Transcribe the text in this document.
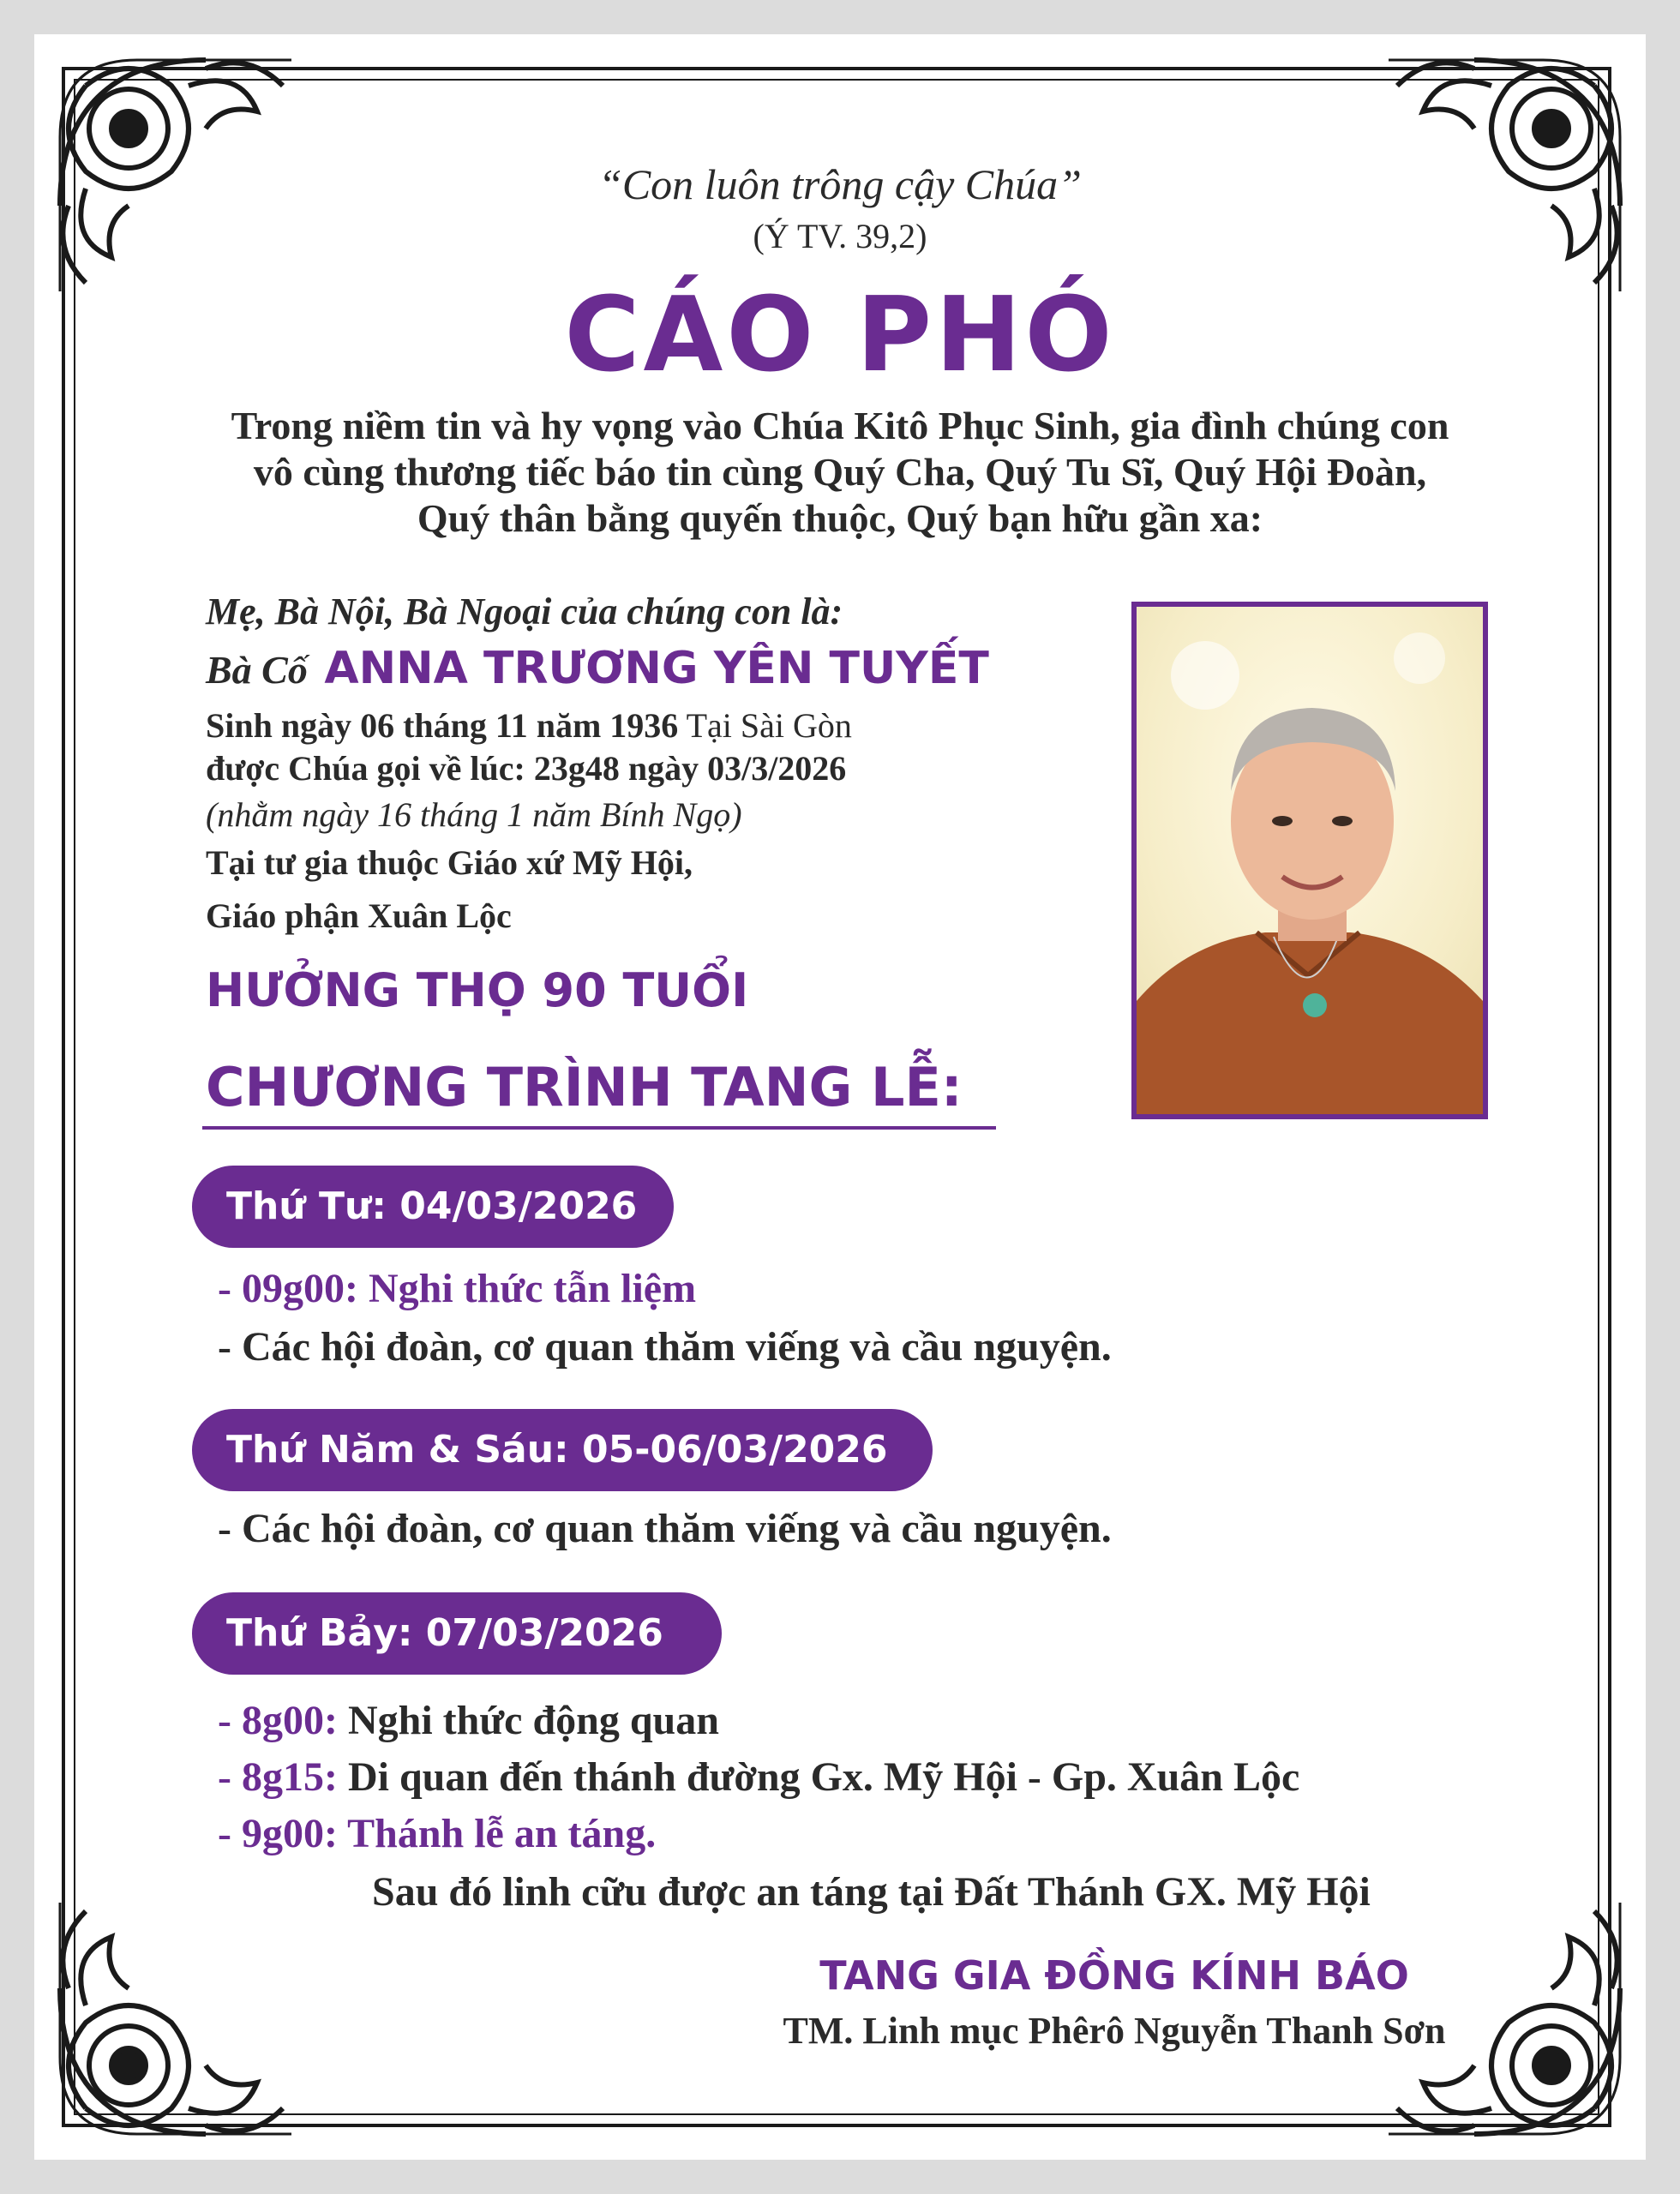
“Con luôn trông cậy Chúa”
(Ý TV. 39,2)
CÁO PHÓ
Trong niềm tin và hy vọng vào Chúa Kitô Phục Sinh, gia đình chúng con
vô cùng thương tiếc báo tin cùng Quý Cha, Quý Tu Sĩ, Quý Hội Đoàn,
Quý thân bằng quyến thuộc, Quý bạn hữu gần xa:
Mẹ, Bà Nội, Bà Ngoại của chúng con là:
Bà Cố ANNA TRƯƠNG YÊN TUYẾT
Sinh ngày 06 tháng 11 năm 1936 Tại Sài Gòn
được Chúa gọi về lúc: 23g48 ngày 03/3/2026
(nhằm ngày 16 tháng 1 năm Bính Ngọ)
Tại tư gia thuộc Giáo xứ Mỹ Hội,
Giáo phận Xuân Lộc
HƯỞNG THỌ 90 TUỔI
CHƯƠNG TRÌNH TANG LỄ:
Thứ Tư: 04/03/2026
- 09g00: Nghi thức tẫn liệm
- Các hội đoàn, cơ quan thăm viếng và cầu nguyện.
Thứ Năm & Sáu: 05-06/03/2026
- Các hội đoàn, cơ quan thăm viếng và cầu nguyện.
Thứ Bảy: 07/03/2026
- 8g00: Nghi thức động quan
- 8g15: Di quan đến thánh đường Gx. Mỹ Hội - Gp. Xuân Lộc
- 9g00: Thánh lễ an táng.
Sau đó linh cữu được an táng tại Đất Thánh GX. Mỹ Hội
TANG GIA ĐỒNG KÍNH BÁO
TM. Linh mục Phêrô Nguyễn Thanh Sơn
